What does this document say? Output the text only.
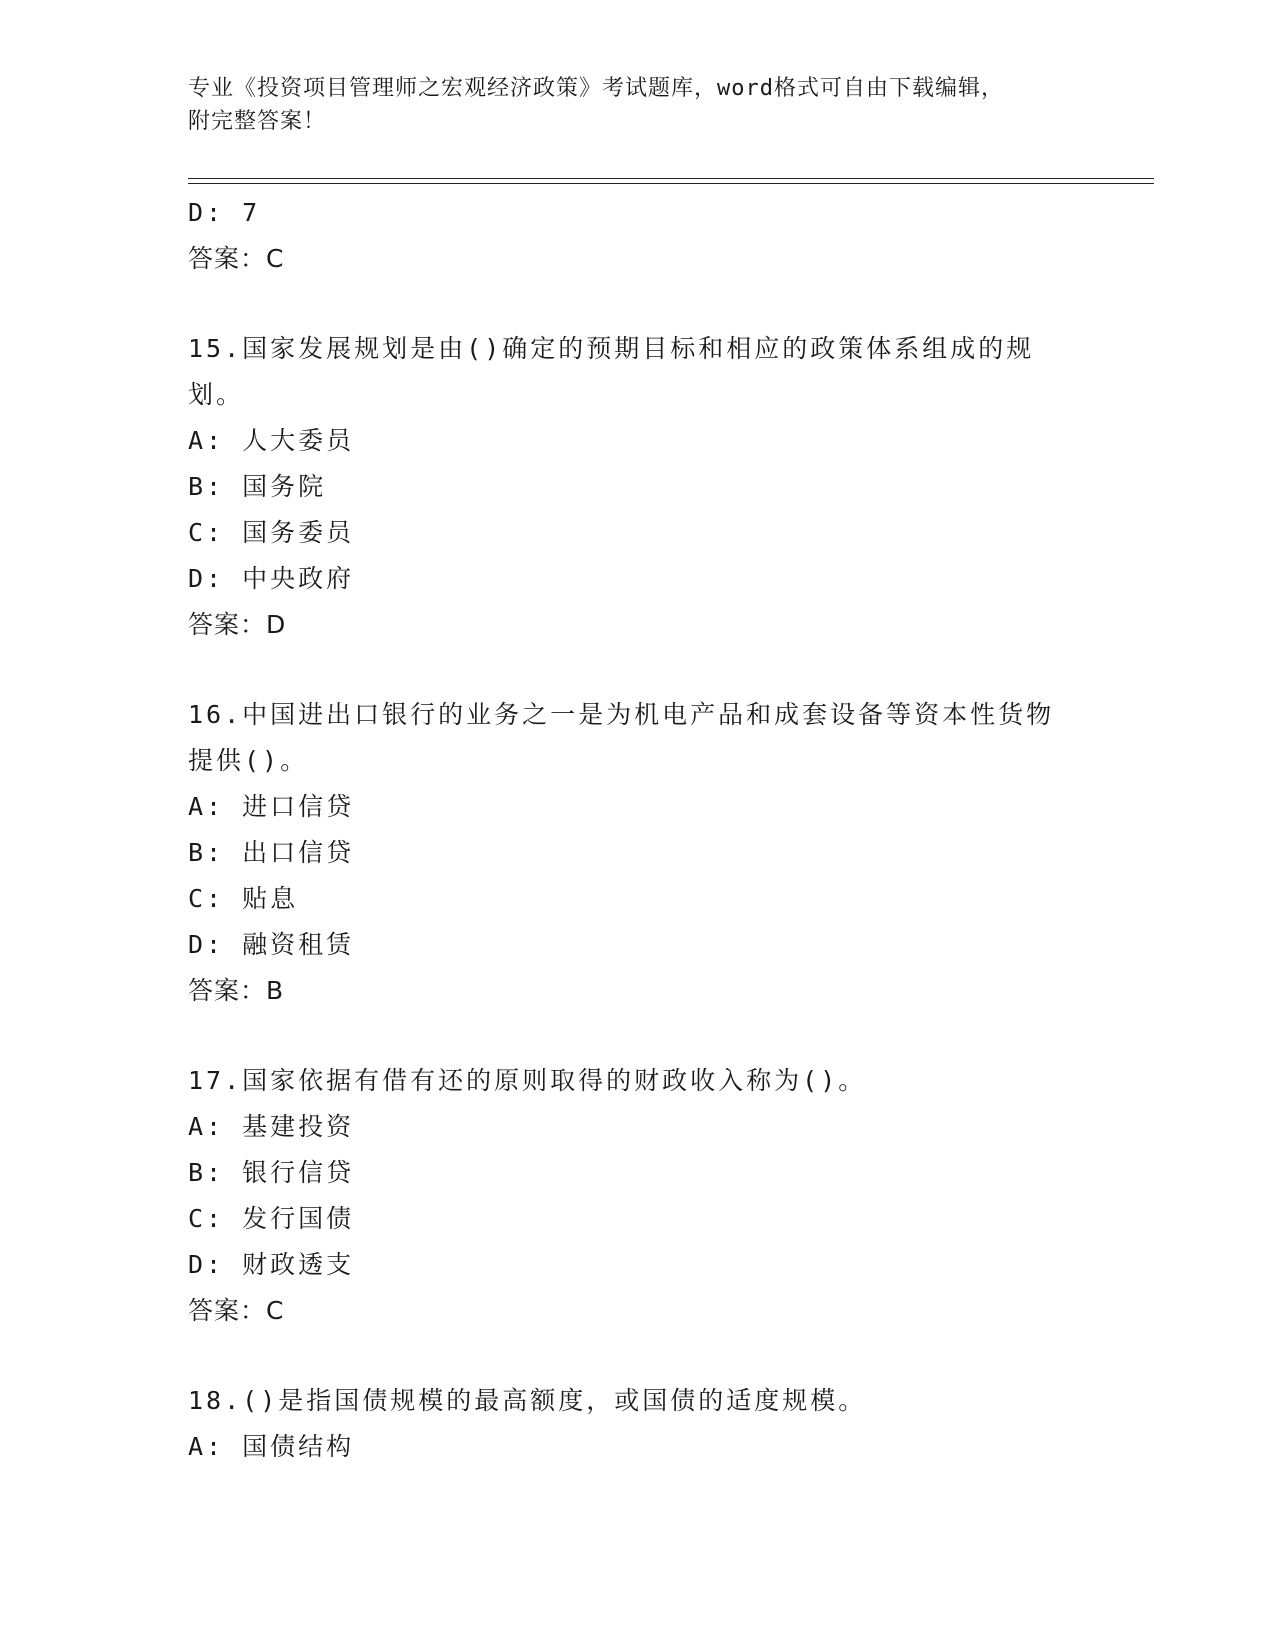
专业《投资项目管理师之宏观经济政策》考试题库，word格式可自由下载编辑，
附完整答案！
D: 7
答案：C
15.国家发展规划是由()确定的预期目标和相应的政策体系组成的规划。
A: 人大委员
B: 国务院
C: 国务委员
D: 中央政府
答案：D
16.中国进出口银行的业务之一是为机电产品和成套设备等资本性货物提供()。
A: 进口信贷
B: 出口信贷
C: 贴息
D: 融资租赁
答案：B
17.国家依据有借有还的原则取得的财政收入称为()。
A: 基建投资
B: 银行信贷
C: 发行国债
D: 财政透支
答案：C
18.()是指国债规模的最高额度，或国债的适度规模。
A: 国债结构
